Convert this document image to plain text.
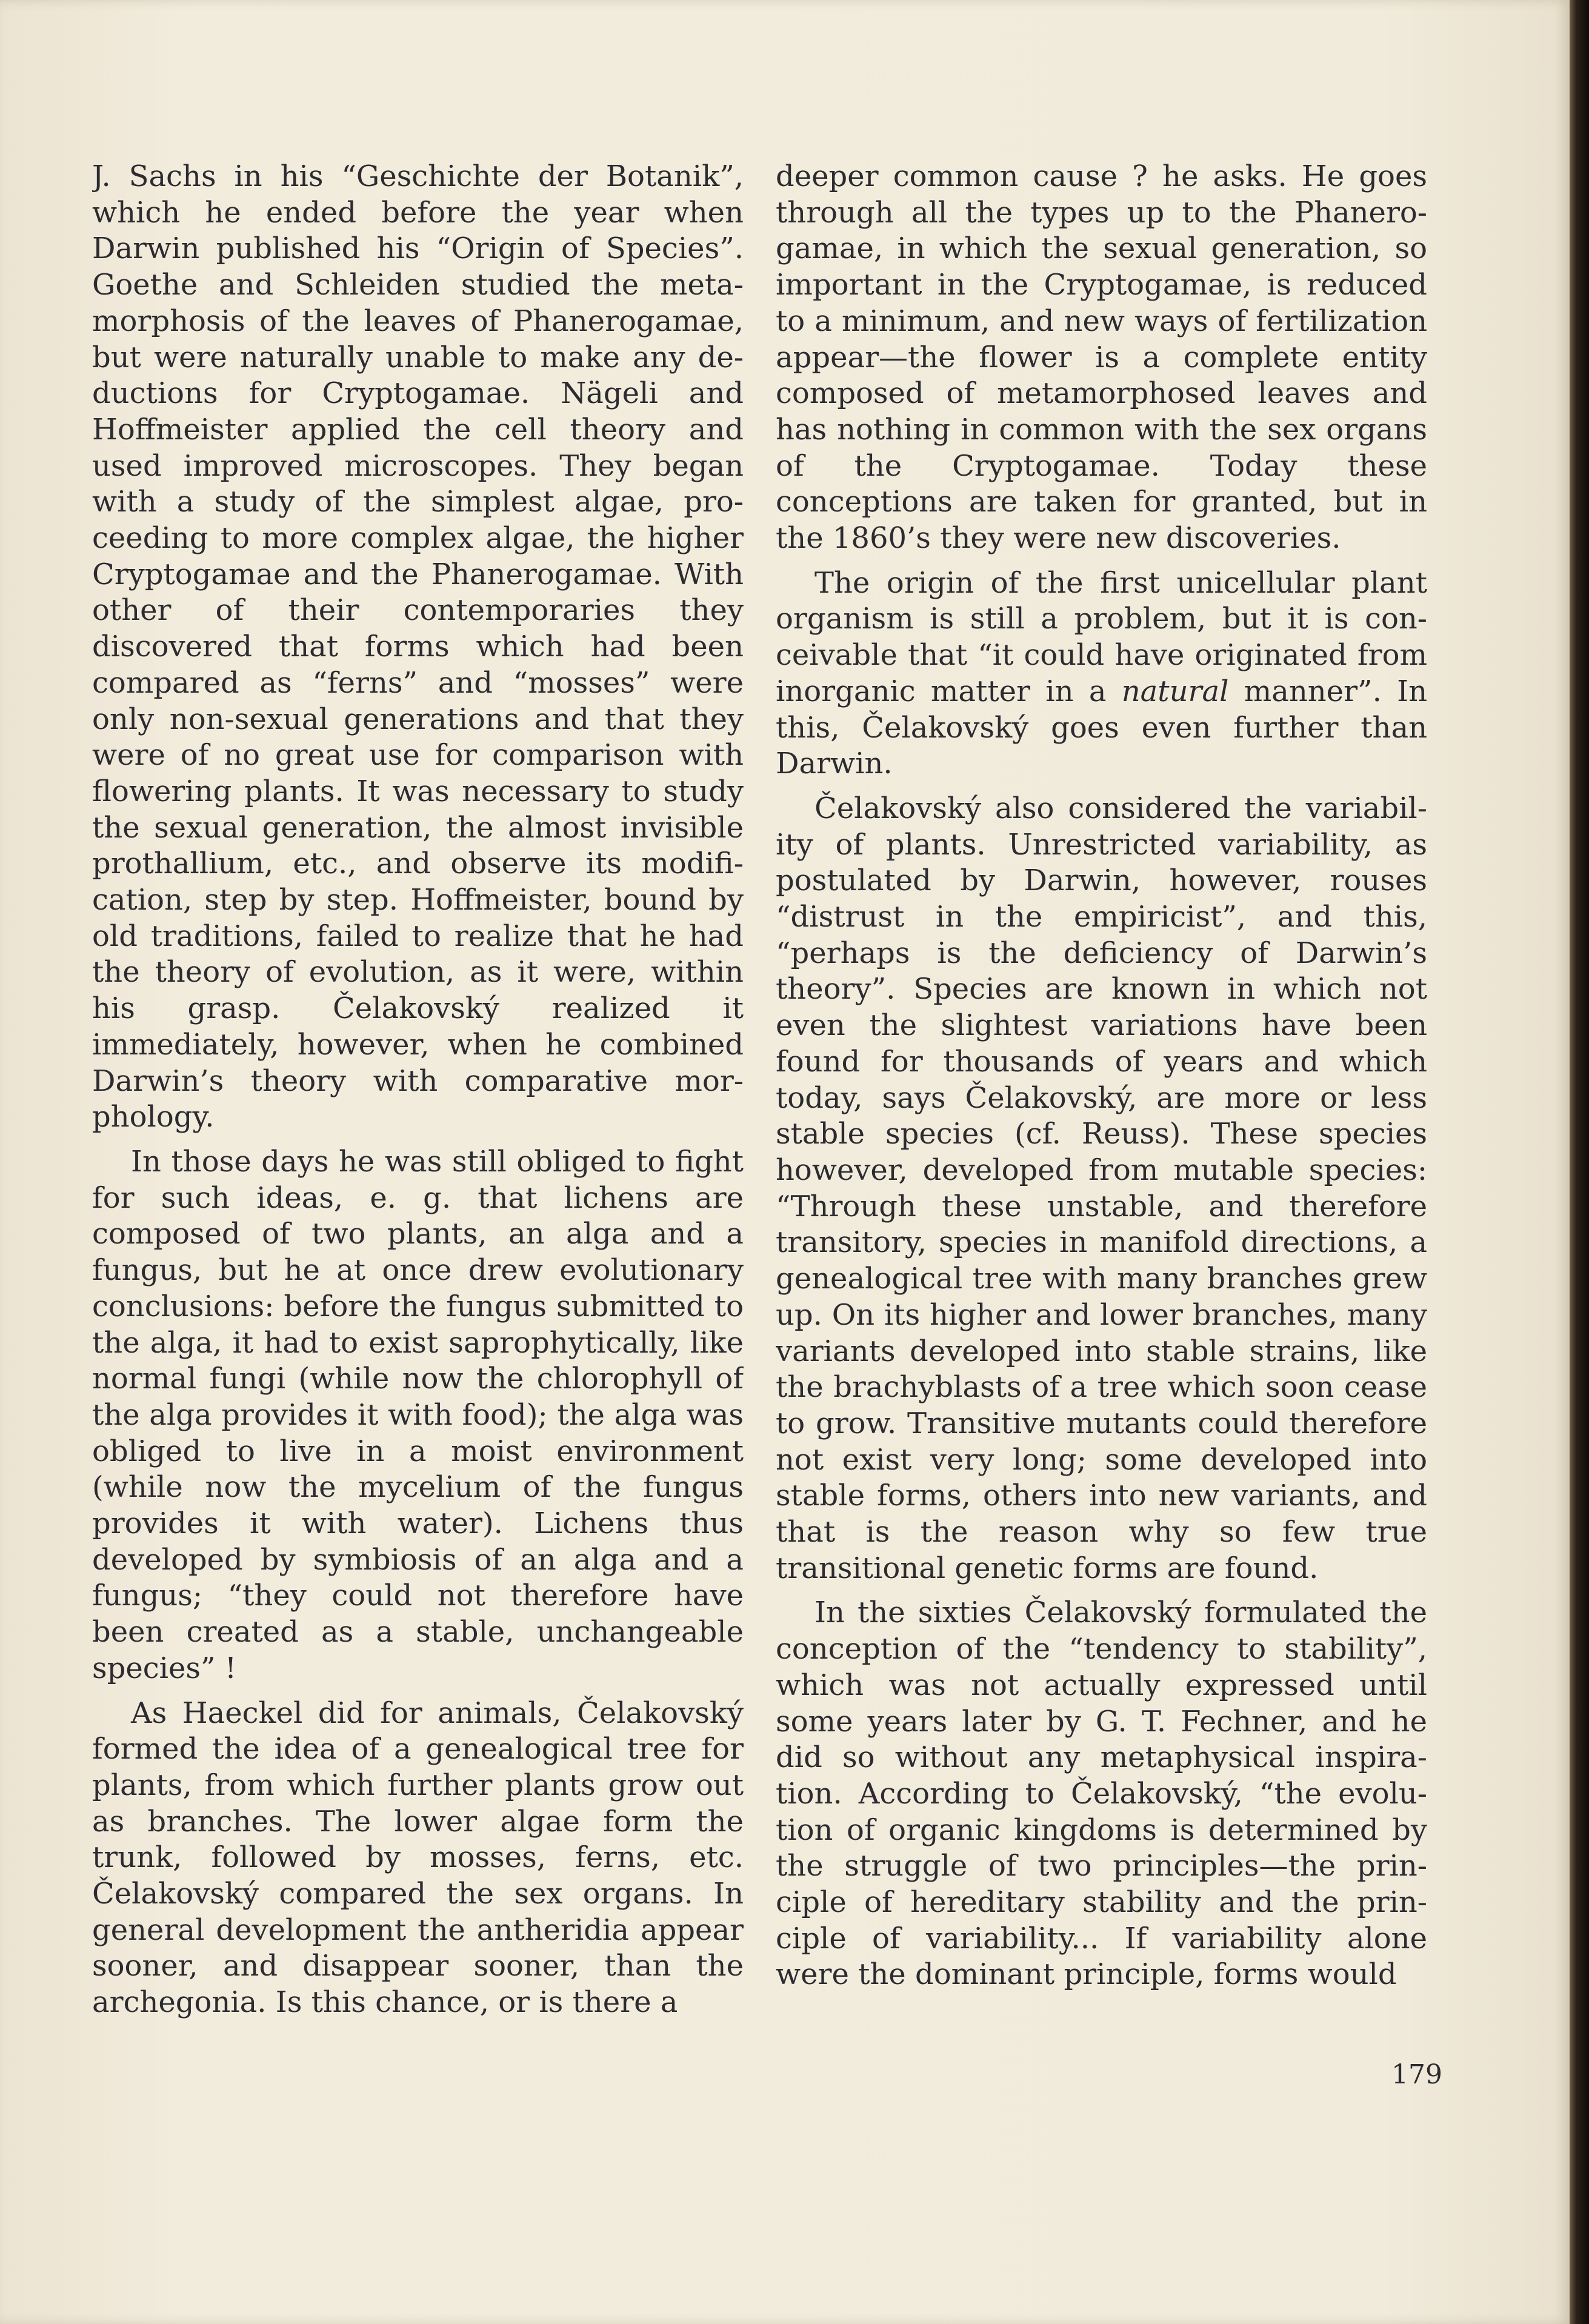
J. Sachs in his “Geschichte der Botanik”, which he ended before the year when Darwin published his “Origin of Species”. Goethe and Schleiden studied the metamorphosis of the leaves of Phanerogamae, but were naturally unable to make any deductions for Cryptogamae. Nägeli and Hoffmeister applied the cell theory and used improved microscopes. They began with a study of the simplest algae, proceeding to more complex algae, the higher Cryptogamae and the Phanerogamae. With other of their contemporaries they discovered that forms which had been compared as “ferns” and “mosses” were only non-sexual generations and that they were of no great use for comparison with flowering plants. It was necessary to study the sexual generation, the almost invisible prothallium, etc., and observe its modification, step by step. Hoffmeister, bound by old traditions, failed to realize that he had the theory of evolution, as it were, within his grasp. Čelakovský realized it immediately, however, when he combined Darwin’s theory with comparative morphology.

In those days he was still obliged to fight for such ideas, e. g. that lichens are composed of two plants, an alga and a fungus, but he at once drew evolutionary conclusions: before the fungus submitted to the alga, it had to exist saprophytically, like normal fungi (while now the chlorophyll of the alga provides it with food); the alga was obliged to live in a moist environment (while now the mycelium of the fungus provides it with water). Lichens thus developed by symbiosis of an alga and a fungus; “they could not therefore have been created as a stable, unchangeable species” !

As Haeckel did for animals, Čelakovský formed the idea of a genealogical tree for plants, from which further plants grow out as branches. The lower algae form the trunk, followed by mosses, ferns, etc. Čelakovský compared the sex organs. In general development the antheridia appear sooner, and disappear sooner, than the archegonia. Is this chance, or is there a

deeper common cause ? he asks. He goes through all the types up to the Phanerogamae, in which the sexual generation, so important in the Cryptogamae, is reduced to a minimum, and new ways of fertilization appear—the flower is a complete entity composed of metamorphosed leaves and has nothing in common with the sex organs of the Cryptogamae. Today these conceptions are taken for granted, but in the 1860’s they were new discoveries.

The origin of the first unicellular plant organism is still a problem, but it is conceivable that “it could have originated from inorganic matter in a natural manner”. In this, Čelakovský goes even further than Darwin.

Čelakovský also considered the variability of plants. Unrestricted variability, as postulated by Darwin, however, rouses “distrust in the empiricist”, and this, “perhaps is the deficiency of Darwin’s theory”. Species are known in which not even the slightest variations have been found for thousands of years and which today, says Čelakovský, are more or less stable species (cf. Reuss). These species however, developed from mutable species: “Through these unstable, and therefore transitory, species in manifold directions, a genealogical tree with many branches grew up. On its higher and lower branches, many variants developed into stable strains, like the brachyblasts of a tree which soon cease to grow. Transitive mutants could therefore not exist very long; some developed into stable forms, others into new variants, and that is the reason why so few true transitional genetic forms are found.

In the sixties Čelakovský formulated the conception of the “tendency to stability”, which was not actually expressed until some years later by G. T. Fechner, and he did so without any metaphysical inspiration. According to Čelakovský, “the evolution of organic kingdoms is determined by the struggle of two principles—the principle of hereditary stability and the principle of variability... If variability alone were the dominant principle, forms would

179
